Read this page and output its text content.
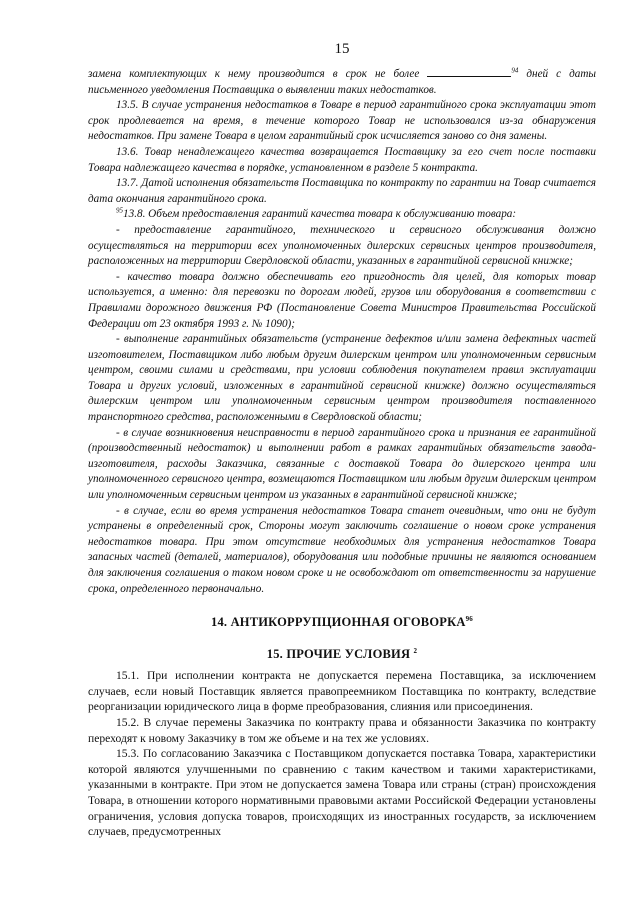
15

замена комплектующих к нему производится в срок не более	$^{94}$ дней с даты письменного уведомления Поставщика о выявлении таких недостатков.

13.5. В случае устранения недостатков в Товаре в период гарантийного срока эксплуатации этот срок продлевается на время, в течение которого Товар не использовался из-за обнаружения недостатков. При замене Товара в целом гарантийный срок исчисляется заново со дня замены.

13.6. Товар ненадлежащего качества возвращается Поставщику за его счет после поставки Товара надлежащего качества в порядке, установленном в разделе 5 контракта.

13.7. Датой исполнения обязательств Поставщика по контракту по гарантии на Товар считается дата окончания гарантийного срока.

$^{95}$13.8. Объем предоставления гарантий качества товара к обслуживанию товара:

- предоставление гарантийного, технического и сервисного обслуживания должно осуществляться на территории всех уполномоченных дилерских сервисных центров производителя, расположенных на территории Свердловской области, указанных в гарантийной сервисной книжке;

- качество товара должно обеспечивать его пригодность для целей, для которых товар используется, а именно: для перевозки по дорогам людей, грузов или оборудования в соответствии с Правилами дорожного движения РФ (Постановление Совета Министров Правительства Российской Федерации от 23 октября 1993 г. № 1090);

- выполнение гарантийных обязательств (устранение дефектов и/или замена дефектных частей изготовителем, Поставщиком либо любым другим дилерским центром или уполномоченным сервисным центром, своими силами и средствами, при условии соблюдения покупателем правил эксплуатации Товара и других условий, изложенных в гарантийной сервисной книжке) должно осуществляться дилерским центром или уполномоченным сервисным центром производителя поставленного транспортного средства, расположенными в Свердловской области;

- в случае возникновения неисправности в период гарантийного срока и признания ее гарантийной (производственный недостаток) и выполнении работ в рамках гарантийных обязательств завода-изготовителя, расходы Заказчика, связанные с доставкой Товара до дилерского центра или уполномоченного сервисного центра, возмещаются Поставщиком или любым другим дилерским центром или уполномоченным сервисным центром из указанных в гарантийной сервисной книжке;

- в случае, если во время устранения недостатков Товара станет очевидным, что они не будут устранены в определенный срок, Стороны могут заключить соглашение о новом сроке устранения недостатков товара. При этом отсутствие необходимых для устранения недостатков Товара запасных частей (деталей, материалов), оборудования или подобные причины не являются основанием для заключения соглашения о таком новом сроке и не освобождают от ответственности за нарушение срока, определенного первоначально.

14. АНТИКОРРУПЦИОННАЯ ОГОВОРКА$^{96}$
15. ПРОЧИЕ УСЛОВИЯ $^2$

15.1. При исполнении контракта не допускается перемена Поставщика, за исключением случаев, если новый Поставщик является правопреемником Поставщика по контракту, вследствие реорганизации юридического лица в форме преобразования, слияния или присоединения.

15.2. В случае перемены Заказчика по контракту права и обязанности Заказчика по контракту переходят к новому Заказчику в том же объеме и на тех же условиях.

15.3. По согласованию Заказчика с Поставщиком допускается поставка Товара, характеристики которой являются улучшенными по сравнению с таким качеством и такими характеристиками, указанными в контракте. При этом не допускается замена Товара или страны (стран) происхождения Товара, в отношении которого нормативными правовыми актами Российской Федерации установлены ограничения, условия допуска товаров, происходящих из иностранных государств, за исключением случаев, предусмотренных
